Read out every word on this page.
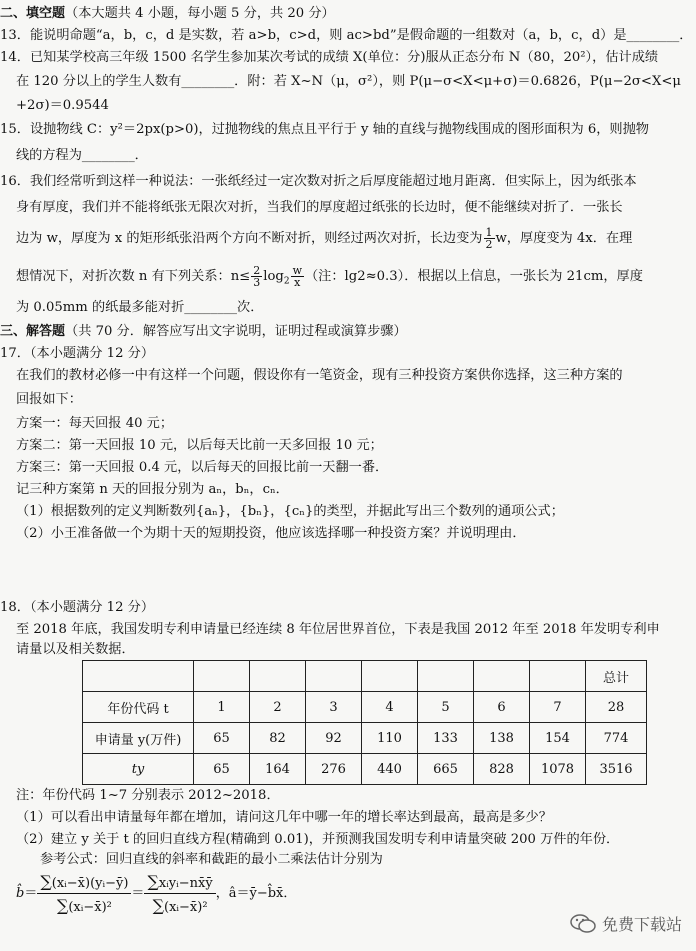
二、填空题（本大题共 4 小题，每小题 5 分，共 20 分）
13．能说明命题“a，b，c，d 是实数，若 a>b，c>d，则 ac>bd”是假命题的一组数对（a，b，c，d）是________．
14．已知某学校高三年级 1500 名学生参加某次考试的成绩 X(单位：分)服从正态分布 N（80，20²），估计成绩
在 120 分以上的学生人数有________．附：若 X~N（μ，σ²），则 P(μ−σ<X<μ+σ)＝0.6826，P(μ−2σ<X<μ
+2σ)＝0.9544
15．设抛物线 C：y²＝2px(p>0)，过抛物线的焦点且平行于 y 轴的直线与抛物线围成的图形面积为 6，则抛物
线的方程为________．
16．我们经常听到这样一种说法：一张纸经过一定次数对折之后厚度能超过地月距离．但实际上，因为纸张本
身有厚度，我们并不能将纸张无限次对折，当我们的厚度超过纸张的长边时，便不能继续对折了．一张长
边为 w，厚度为 x 的矩形纸张沿两个方向不断对折，则经过两次对折，长边变为 $\frac{1}{2}$ w，厚度变为 4x．在理
想情况下，对折次数 n 有下列关系：$n\le \frac{2}{3} \log_2 \frac{w}{x}$ （注：lg2≈0.3）．根据以上信息，一张长为 21cm，厚度
为 0.05mm 的纸最多能对折________次．
三、解答题（共 70 分．解答应写出文字说明，证明过程或演算步骤）
17．（本小题满分 12 分）
在我们的教材必修一中有这样一个问题，假设你有一笔资金，现有三种投资方案供你选择，这三种方案的
回报如下：
方案一：每天回报 40 元；
方案二：第一天回报 10 元，以后每天比前一天多回报 10 元；
方案三：第一天回报 0.4 元，以后每天的回报比前一天翻一番．
记三种方案第 n 天的回报分别为 aₙ，bₙ，cₙ．
（1）根据数列的定义判断数列{aₙ}，{bₙ}，{cₙ}的类型，并据此写出三个数列的通项公式；
（2）小王准备做一个为期十天的短期投资，他应该选择哪一种投资方案？并说明理由．
18．（本小题满分 12 分）
至 2018 年底，我国发明专利申请量已经连续 8 年位居世界首位，下表是我国 2012 年至 2018 年发明专利申
请量以及相关数据．
								总计
年份代码 t	1	2	3	4	5	6	7	28
申请量 y(万件)	65	82	92	110	133	138	154	774
ty	65	164	276	440	665	828	1078	3516
注：年份代码 1~7 分别表示 2012~2018．
（1）可以看出申请量每年都在增加，请问这几年中哪一年的增长率达到最高，最高是多少？
（2）建立 y 关于 t 的回归直线方程(精确到 0.01)，并预测我国发明专利申请量突破 200 万件的年份．
参考公式：回归直线的斜率和截距的最小二乘法估计分别为
b̂＝ $\frac{\text{∑(xᵢ−x̄)(yᵢ−ȳ)}}{\text{∑(xᵢ−x̄)²}}$ ＝
∑xᵢyᵢ−nx̄ȳ
∑(xᵢ−x̄)²
，â＝ȳ−b̂x̄．
免费下载站
